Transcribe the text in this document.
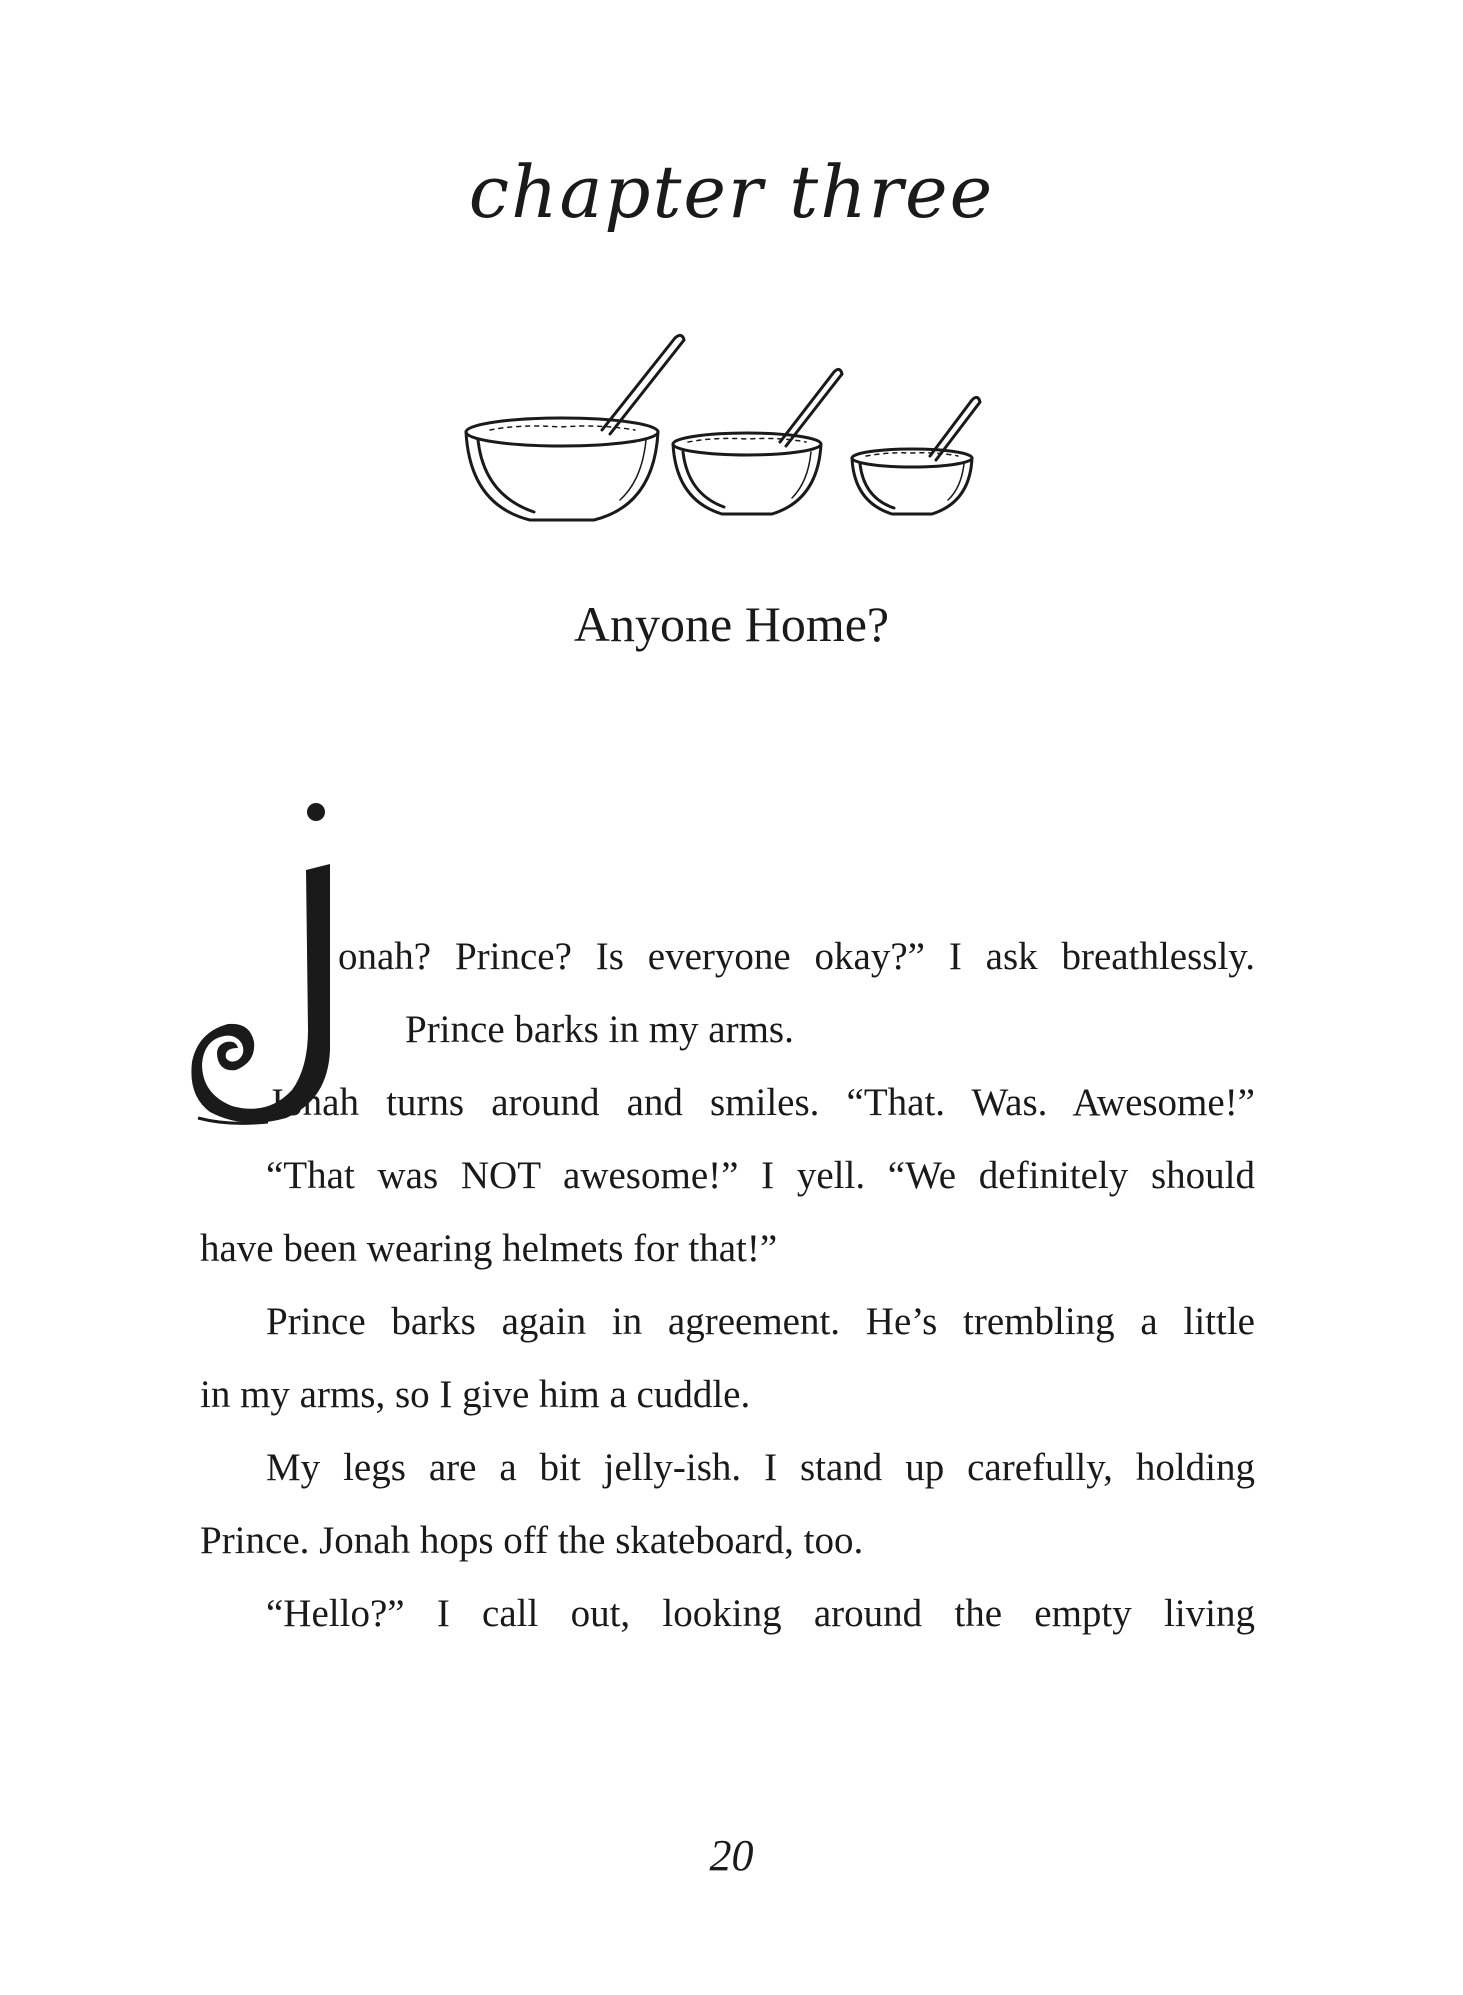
chapter three
Anyone Home?
onah? Prince? Is everyone okay?” I ask breathlessly.
Prince barks in my arms.
Jonah turns around and smiles. “That. Was. Awesome!”
“That was NOT awesome!” I yell. “We definitely should
have been wearing helmets for that!”
Prince barks again in agreement. He’s trembling a little
in my arms, so I give him a cuddle.
My legs are a bit jelly-ish. I stand up carefully, holding
Prince. Jonah hops off the skateboard, too.
“Hello?” I call out, looking around the empty living
20
